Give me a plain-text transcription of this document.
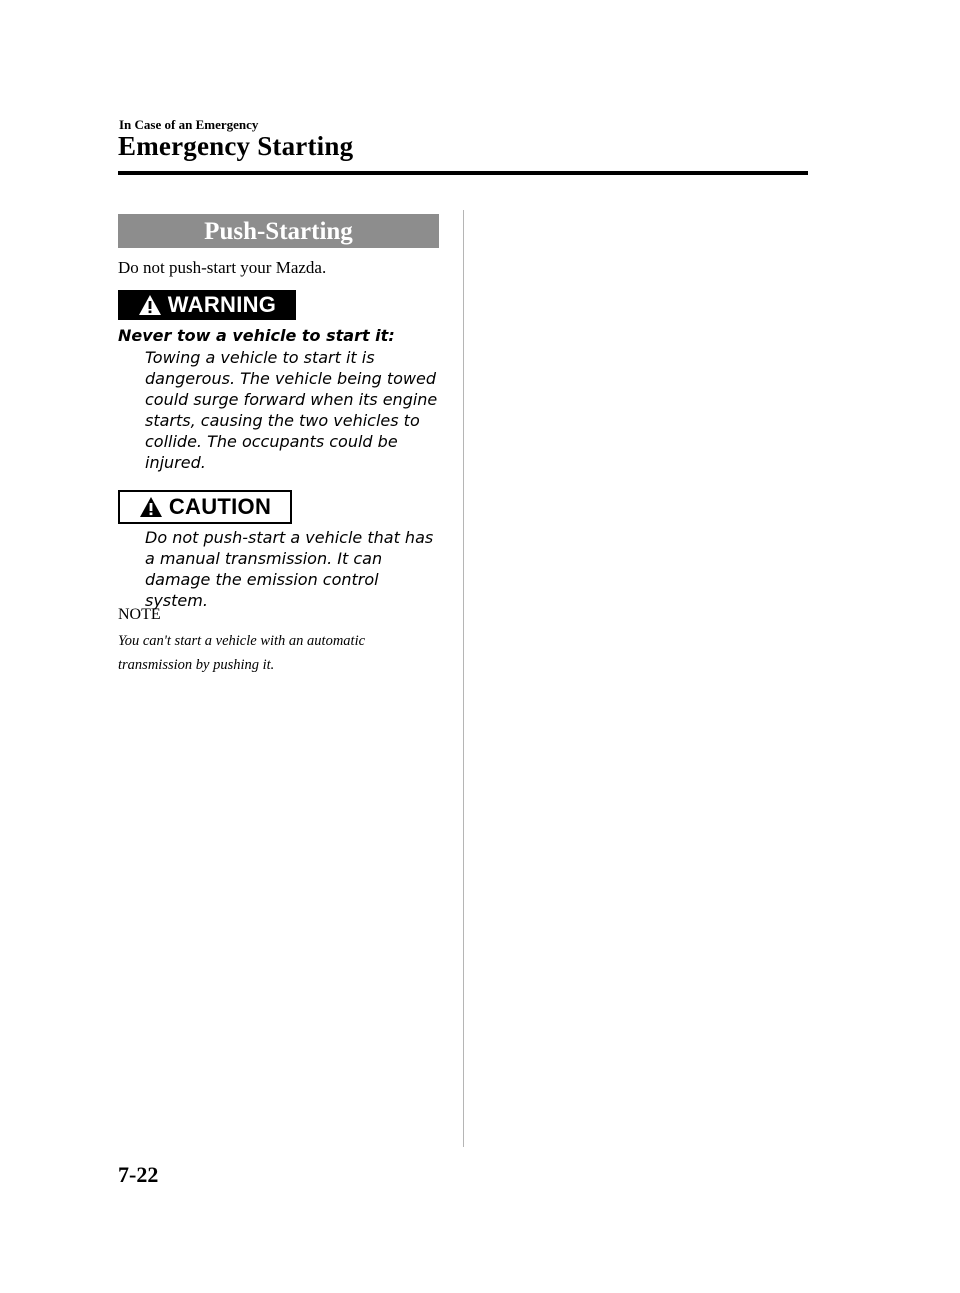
In Case of an Emergency
Emergency Starting
Push-Starting
Do not push-start your Mazda.
WARNING
Never tow a vehicle to start it:
Towing a vehicle to start it is
dangerous. The vehicle being towed
could surge forward when its engine
starts, causing the two vehicles to
collide. The occupants could be
injured.
CAUTION
Do not push-start a vehicle that has
a manual transmission. It can
damage the emission control system.
NOTE
You can't start a vehicle with an automatic
transmission by pushing it.
7-22
